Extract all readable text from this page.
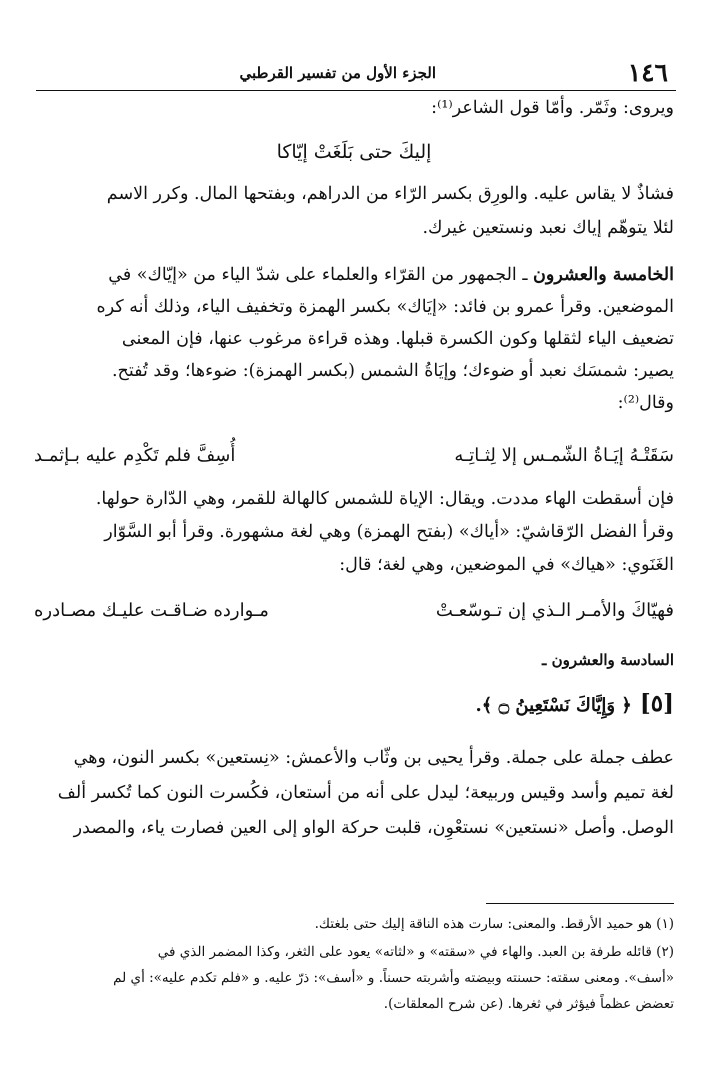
١٤٦
الجزء الأول من تفسير القرطبي
ويروى: وثَمّر. وأمّا قول الشاعر⁽¹⁾:
إليكَ حتى بَلَغَتْ إيّاكا
فشاذٌ لا يقاس عليه. والورِق بكسر الرّاء من الدراهم، وبفتحها المال. وكرر الاسم
لئلا يتوهّم إياك نعبد ونستعين غيرك.
الخامسة والعشرون ـ الجمهور من القرّاء والعلماء على شدّ الياء من «إيّاك» في
الموضعين. وقرأ عمرو بن فائد: «إيَاك» بكسر الهمزة وتخفيف الياء، وذلك أنه كره
تضعيف الياء لثقلها وكون الكسرة قبلها. وهذه قراءة مرغوب عنها، فإن المعنى
يصير: شمسَك نعبد أو ضوءك؛ وإيَاةُ الشمس (بكسر الهمزة): ضوءها؛ وقد تُفتح.
وقال⁽²⁾:
سَقَتْـهُ إيَـاةُ الشّمـس إلا لِثـاتِـه
أُسِفَّ فلم تَكْدِم عليه بـإثمـد
فإن أسقطت الهاء مددت. ويقال: الإياة للشمس كالهالة للقمر، وهي الدّارة حولها.
وقرأ الفضل الرّقاشيّ: «أياك» (بفتح الهمزة) وهي لغة مشهورة. وقرأ أبو السَّوّار
الغَنَوي: «هياك» في الموضعين، وهي لغة؛ قال:
فهيّاكَ والأمـر الـذي إن تـوسّعـتْ
مـوارده ضـاقـت عليـك مصـادره
السادسة والعشرون ـ
[٥] ﴿ وَإِيَّاكَ نَسْتَعِينُ ۝ ﴾.
عطف جملة على جملة. وقرأ يحيى بن وثّاب والأعمش: «نِستعين» بكسر النون، وهي
لغة تميم وأسد وقيس وربيعة؛ ليدل على أنه من أستعان، فكُسرت النون كما تُكسر ألف
الوصل. وأصل «نستعين» نستعْوِن، قلبت حركة الواو إلى العين فصارت ياء، والمصدر
(١) هو حميد الأرقط. والمعنى: سارت هذه الناقة إليك حتى بلغتك.
(٢) قائله طرفة بن العبد. والهاء في «سقته» و «لثاته» يعود على الثغر، وكذا المضمر الذي في
«أسف». ومعنى سقته: حسنته وبيضته وأشربته حسناً. و «أسف»: ذرّ عليه. و «فلم تكدم عليه»: أي لم
تعضض عظماً فيؤثر في ثغرها. (عن شرح المعلقات).
